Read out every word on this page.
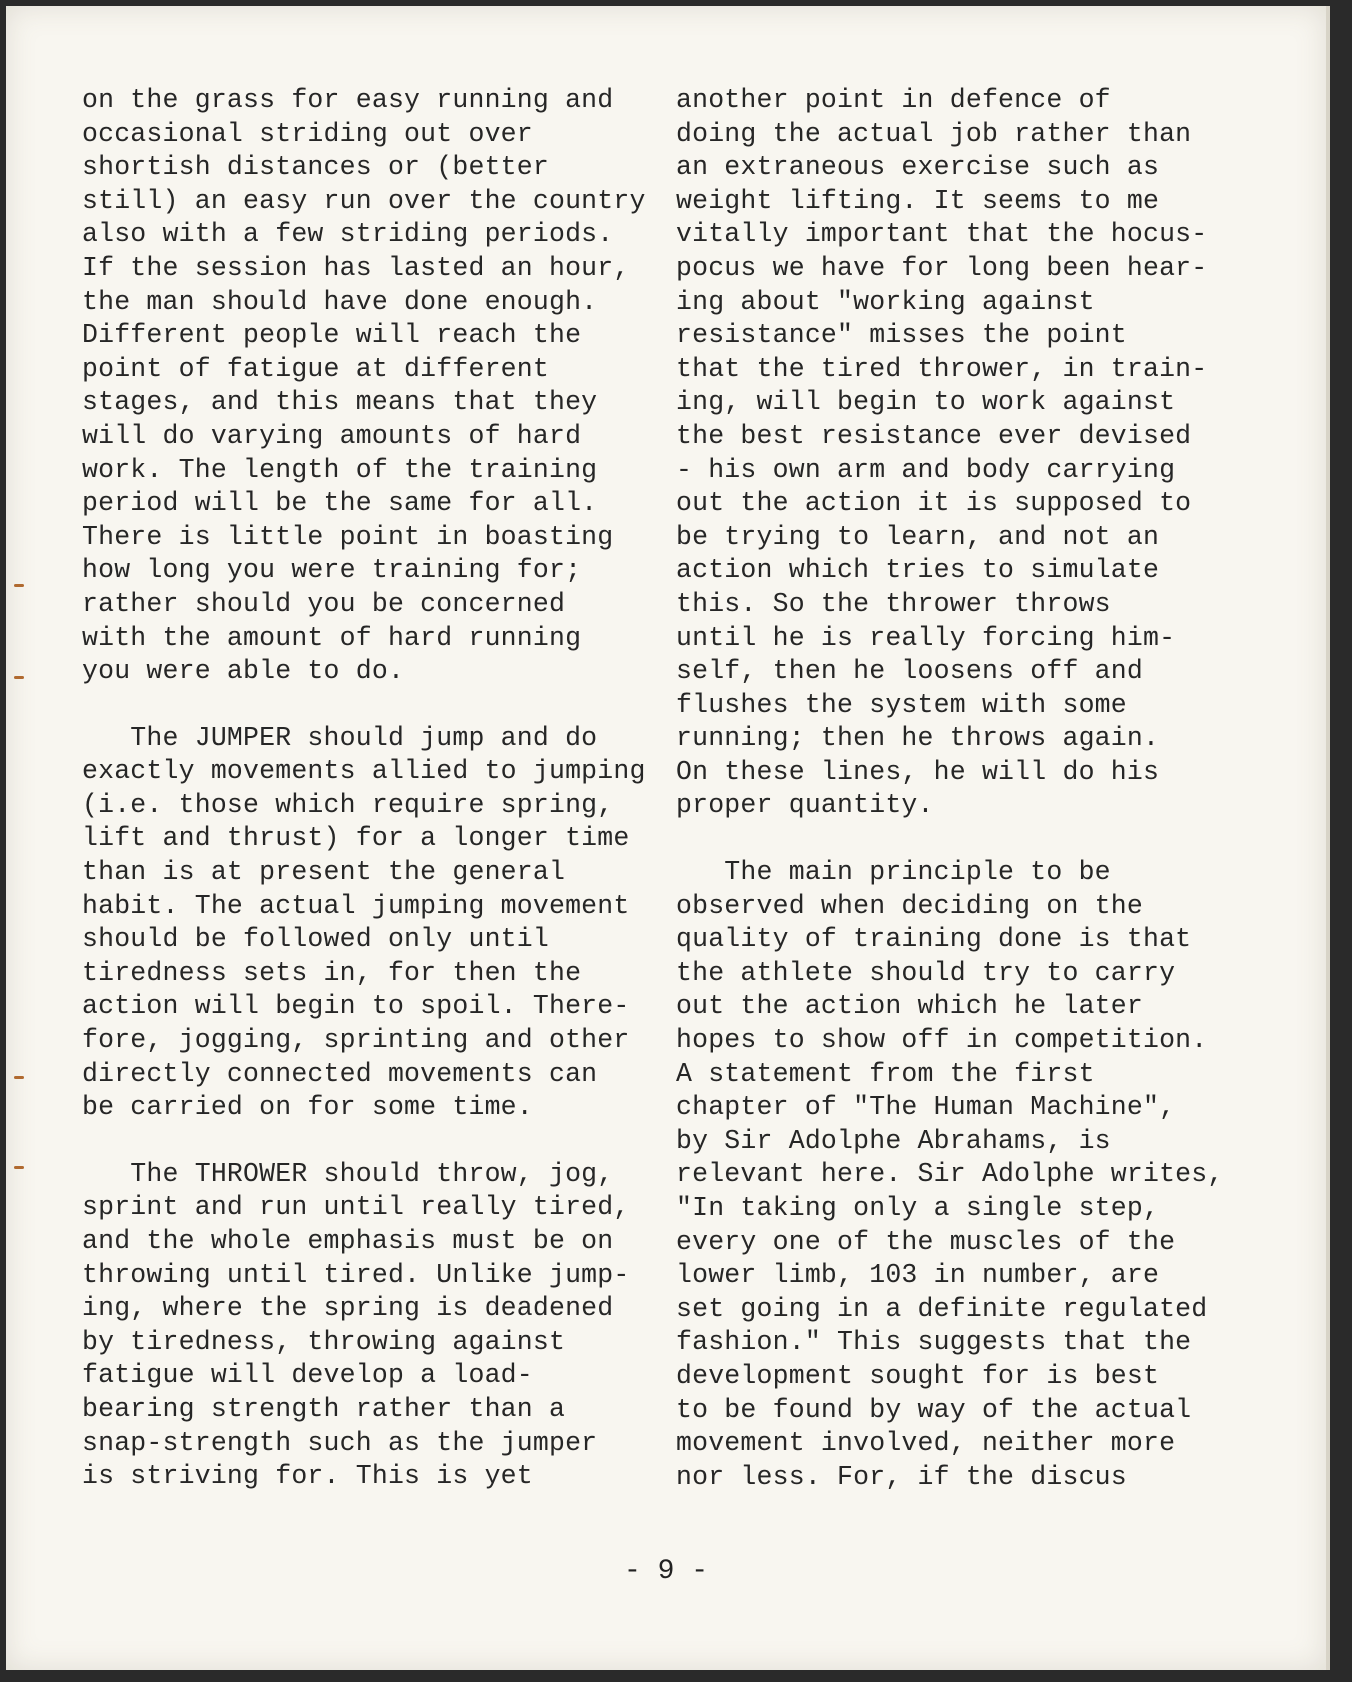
on the grass for easy running and
occasional striding out over
shortish distances or (better
still) an easy run over the country
also with a few striding periods.
If the session has lasted an hour,
the man should have done enough.
Different people will reach the
point of fatigue at different
stages, and this means that they
will do varying amounts of hard
work. The length of the training
period will be the same for all.
There is little point in boasting
how long you were training for;
rather should you be concerned
with the amount of hard running
you were able to do.

The JUMPER should jump and do
exactly movements allied to jumping
(i.e. those which require spring,
lift and thrust) for a longer time
than is at present the general
habit. The actual jumping movement
should be followed only until
tiredness sets in, for then the
action will begin to spoil. There-
fore, jogging, sprinting and other
directly connected movements can
be carried on for some time.

The THROWER should throw, jog,
sprint and run until really tired,
and the whole emphasis must be on
throwing until tired. Unlike jump-
ing, where the spring is deadened
by tiredness, throwing against
fatigue will develop a load-
bearing strength rather than a
snap-strength such as the jumper
is striving for. This is yet

another point in defence of
doing the actual job rather than
an extraneous exercise such as
weight lifting. It seems to me
vitally important that the hocus-
pocus we have for long been hear-
ing about "working against
resistance" misses the point
that the tired thrower, in train-
ing, will begin to work against
the best resistance ever devised
- his own arm and body carrying
out the action it is supposed to
be trying to learn, and not an
action which tries to simulate
this. So the thrower throws
until he is really forcing him-
self, then he loosens off and
flushes the system with some
running; then he throws again.
On these lines, he will do his
proper quantity.

The main principle to be
observed when deciding on the
quality of training done is that
the athlete should try to carry
out the action which he later
hopes to show off in competition.
A statement from the first
chapter of "The Human Machine",
by Sir Adolphe Abrahams, is
relevant here. Sir Adolphe writes,
"In taking only a single step,
every one of the muscles of the
lower limb, 103 in number, are
set going in a definite regulated
fashion." This suggests that the
development sought for is best
to be found by way of the actual
movement involved, neither more
nor less. For, if the discus

- 9 -
